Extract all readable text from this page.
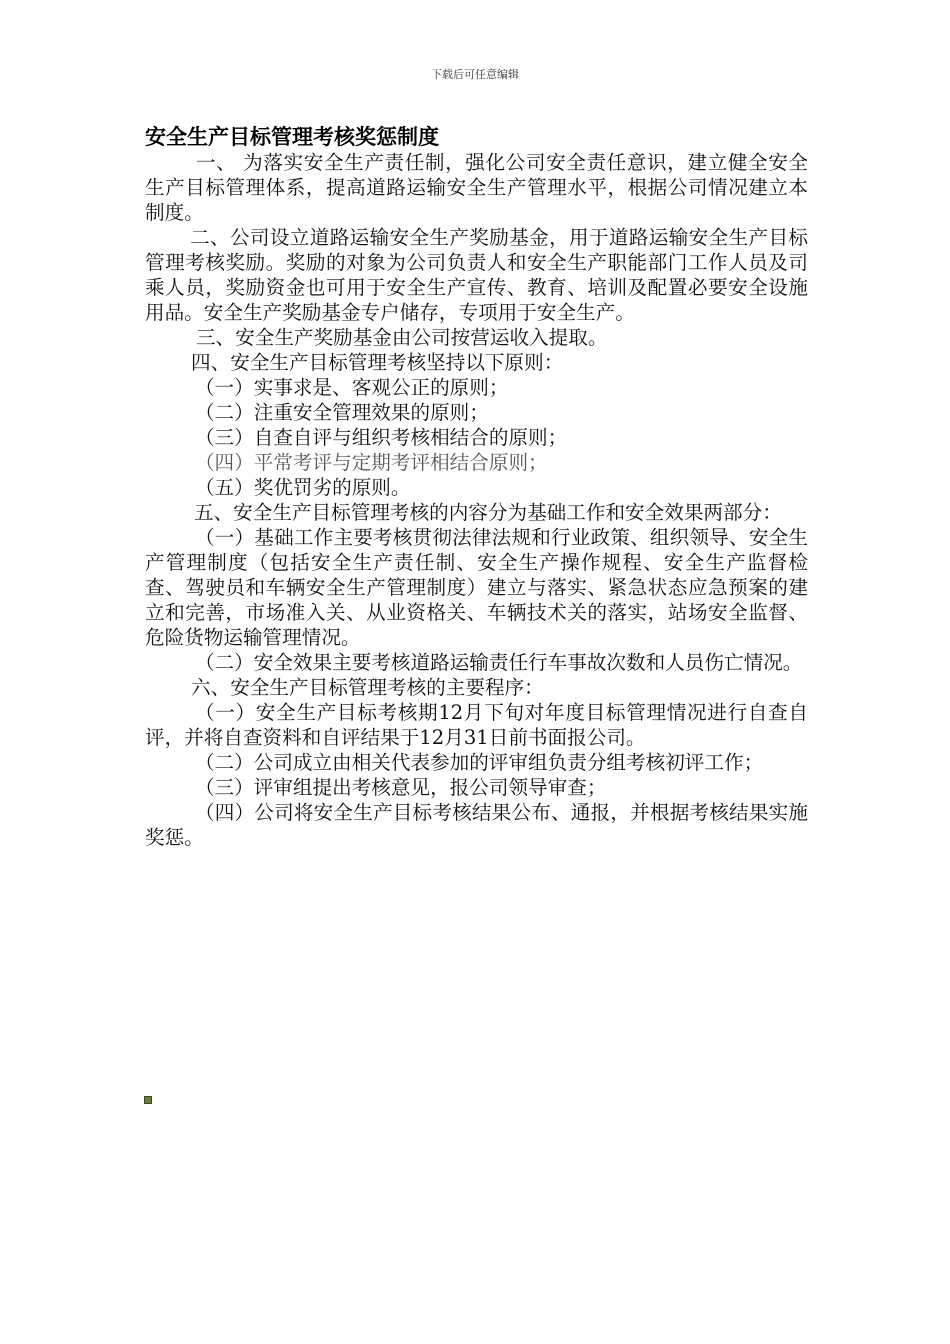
下载后可任意编辑
安全生产目标管理考核奖惩制度

一、 为落实安全生产责任制，强化公司安全责任意识，建立健全安全生产目标管理体系，提高道路运输安全生产管理水平，根据公司情况建立本制度。

二、公司设立道路运输安全生产奖励基金，用于道路运输安全生产目标管理考核奖励。奖励的对象为公司负责人和安全生产职能部门工作人员及司乘人员，奖励资金也可用于安全生产宣传、教育、培训及配置必要安全设施用品。安全生产奖励基金专户储存，专项用于安全生产。

三、安全生产奖励基金由公司按营运收入提取。

四、安全生产目标管理考核坚持以下原则：

（一）实事求是、客观公正的原则；

（二）注重安全管理效果的原则；

（三）自查自评与组织考核相结合的原则；

（四）平常考评与定期考评相结合原则；

（五）奖优罚劣的原则。

五、安全生产目标管理考核的内容分为基础工作和安全效果两部分：

（一）基础工作主要考核贯彻法律法规和行业政策、组织领导、安全生产管理制度（包括安全生产责任制、安全生产操作规程、安全生产监督检查、驾驶员和车辆安全生产管理制度）建立与落实、紧急状态应急预案的建立和完善，市场准入关、从业资格关、车辆技术关的落实，站场安全监督、危险货物运输管理情况。

（二）安全效果主要考核道路运输责任行车事故次数和人员伤亡情况。

六、安全生产目标管理考核的主要程序：

（一）安全生产目标考核期12月下旬对年度目标管理情况进行自查自评，并将自查资料和自评结果于12月31日前书面报公司。

（二）公司成立由相关代表参加的评审组负责分组考核初评工作；

（三）评审组提出考核意见，报公司领导审查；

（四）公司将安全生产目标考核结果公布、通报，并根据考核结果实施奖惩。
